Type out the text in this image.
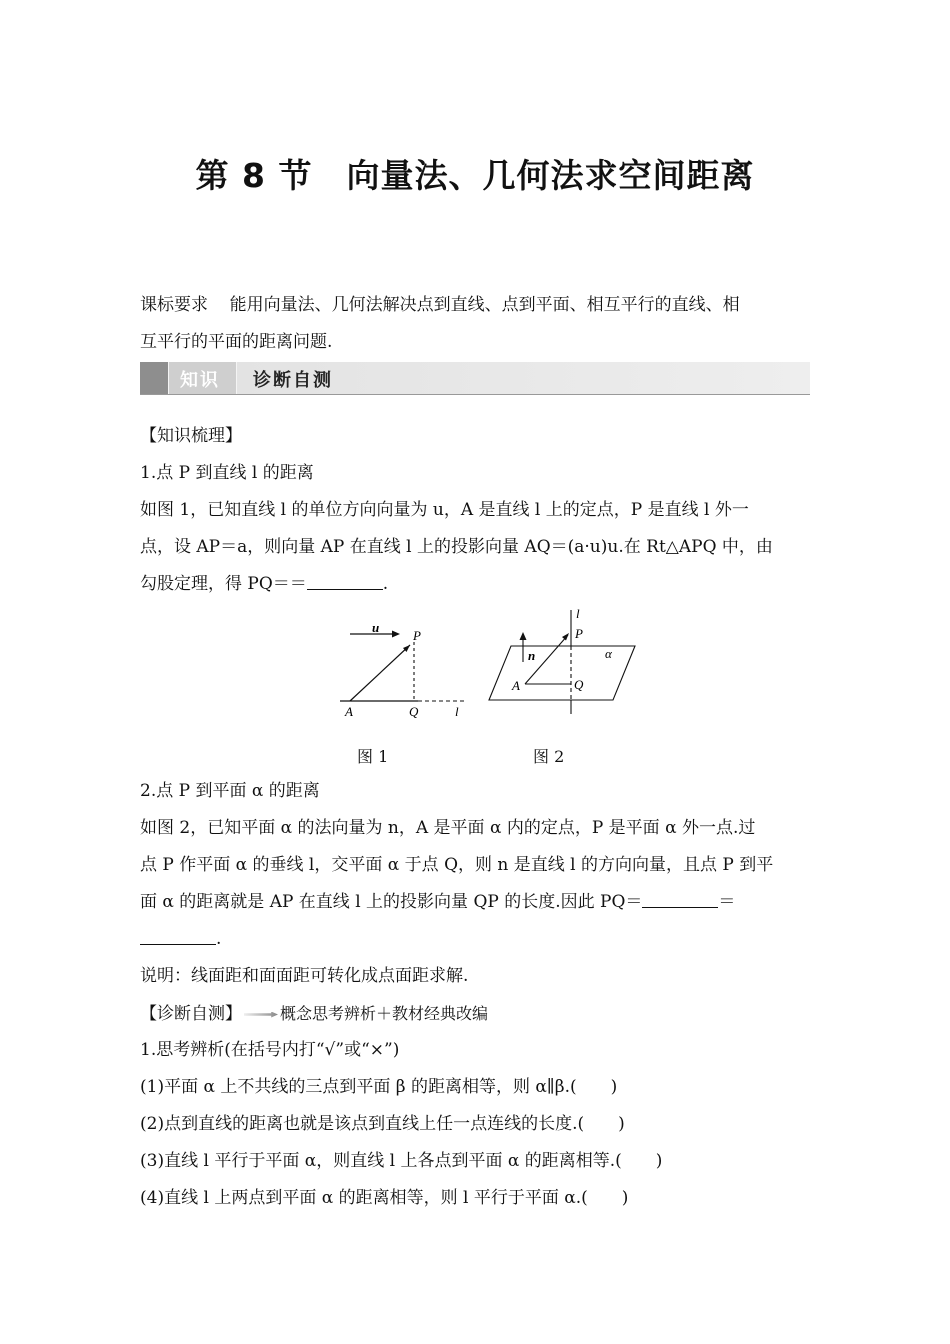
第 8 节　向量法、几何法求空间距离
课标要求 能用向量法、几何法解决点到直线、点到平面、相互平行的直线、相
互平行的平面的距离问题.
知识 诊断自测
【知识梳理】
1.点 P 到直线 l 的距离
如图 1，已知直线 l 的单位方向向量为 u，A 是直线 l 上的定点，P 是直线 l 外一
点，设 AP＝a，则向量 AP 在直线 l 上的投影向量 AQ＝(a·u)u.在 Rt△APQ 中，由
勾股定理，得 PQ＝＝	.
u
P
A	Q	l
图 1
l
P
n	α
A	Q
图 2
2.点 P 到平面 α 的距离
如图 2，已知平面 α 的法向量为 n，A 是平面 α 内的定点，P 是平面 α 外一点.过
点 P 作平面 α 的垂线 l，交平面 α 于点 Q，则 n 是直线 l 的方向向量，且点 P 到平
面 α 的距离就是 AP 在直线 l 上的投影向量 QP 的长度.因此 PQ＝	＝
.
说明：线面距和面面距可转化成点面距求解.
【诊断自测】 概念思考辨析＋教材经典改编
1.思考辨析(在括号内打“√”或“×”)
(1)平面 α 上不共线的三点到平面 β 的距离相等，则 α∥β.(　　)
(2)点到直线的距离也就是该点到直线上任一点连线的长度.(　　)
(3)直线 l 平行于平面 α，则直线 l 上各点到平面 α 的距离相等.(　　)
(4)直线 l 上两点到平面 α 的距离相等，则 l 平行于平面 α.(　　)
